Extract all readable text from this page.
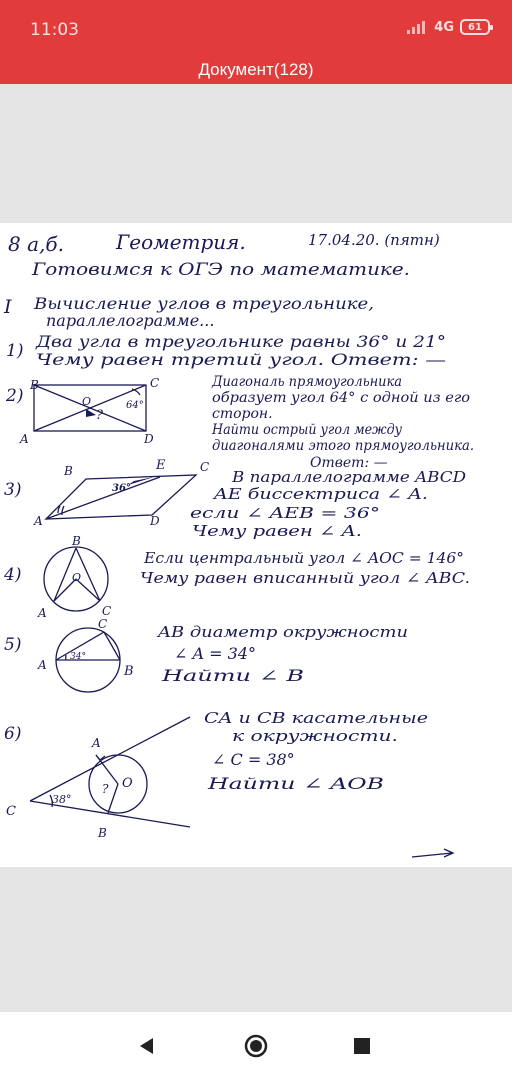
11:03	4G 61
Документ(128)
8 а,б.	Геометрия.	17.04.20. (пятн)
Готовимся к ОГЭ по математике.
I Вычисление углов в треугольнике,
параллелограмме...
1) Два угла в треугольнике равны 36° и 21°
Чему равен третий угол. Ответ: —
2)
B	C
A	D
O
?
64°
Диагональ прямоугольника
образует угол 64° с одной из его
сторон.
Найти острый угол между
диагоналями этого прямоугольника.
Ответ: —
3)
B	E	C
A	D
36°
В параллелограмме ABCD
AE биссектриса ∠ A.
если ∠ AEB = 36°
Чему равен ∠ A.
4)
B
O
A	C
Если центральный угол ∠ AOC = 146°
Чему равен вписанный угол ∠ ABC.
5)
A	B
C
34°
AB диаметр окружности
∠ A = 34°
Найти ∠ B
6)	A
B
C
O
?
38°
CA и CB касательные
к окружности.
∠ C = 38°
Найти ∠ AOB
